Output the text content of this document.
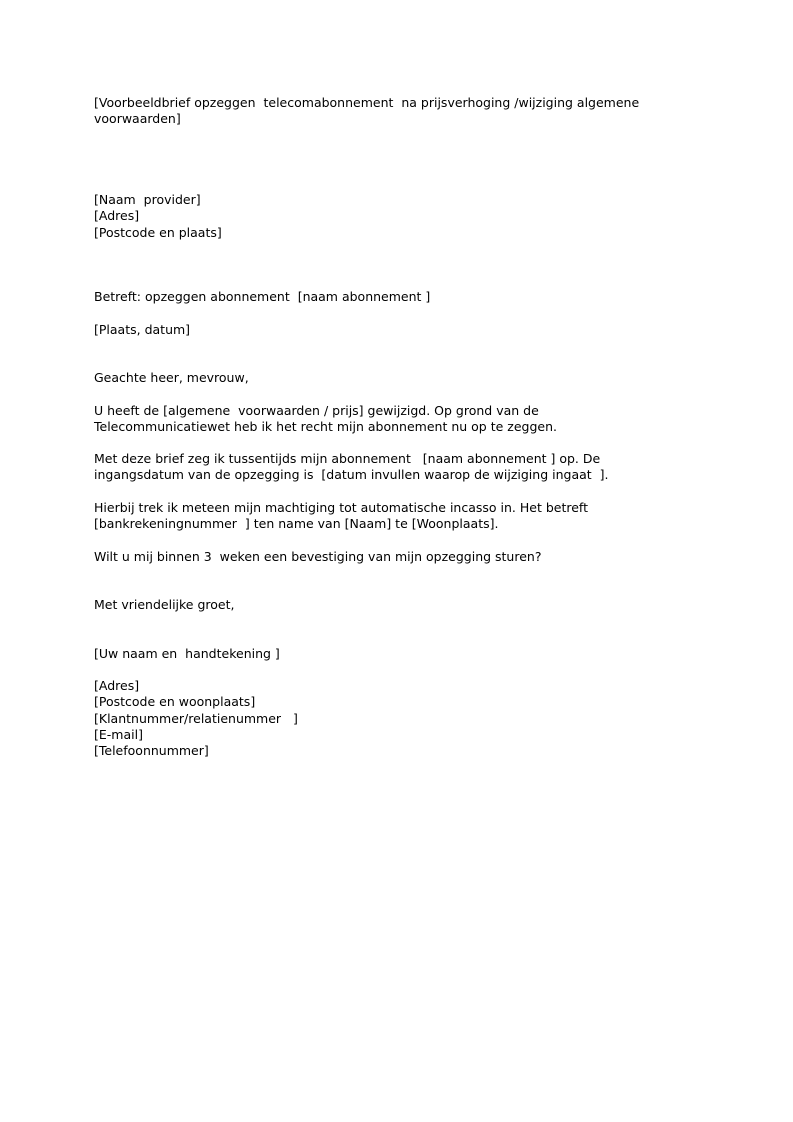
[Voorbeeldbrief opzeggen  telecomabonnement  na prijsverhoging /wijziging algemene
voorwaarden]
[Naam  provider]
[Adres]
[Postcode en plaats]
Betreft: opzeggen abonnement  [naam abonnement ]
[Plaats, datum]
Geachte heer, mevrouw,
U heeft de [algemene  voorwaarden / prijs] gewijzigd. Op grond van de
Telecommunicatiewet heb ik het recht mijn abonnement nu op te zeggen.
Met deze brief zeg ik tussentijds mijn abonnement   [naam abonnement ] op. De
ingangsdatum van de opzegging is  [datum invullen waarop de wijziging ingaat  ].
Hierbij trek ik meteen mijn machtiging tot automatische incasso in. Het betreft
[bankrekeningnummer  ] ten name van [Naam] te [Woonplaats].
Wilt u mij binnen 3  weken een bevestiging van mijn opzegging sturen?
Met vriendelijke groet,
[Uw naam en  handtekening ]
[Adres]
[Postcode en woonplaats]
[Klantnummer/relatienummer   ]
[E-mail]
[Telefoonnummer]
